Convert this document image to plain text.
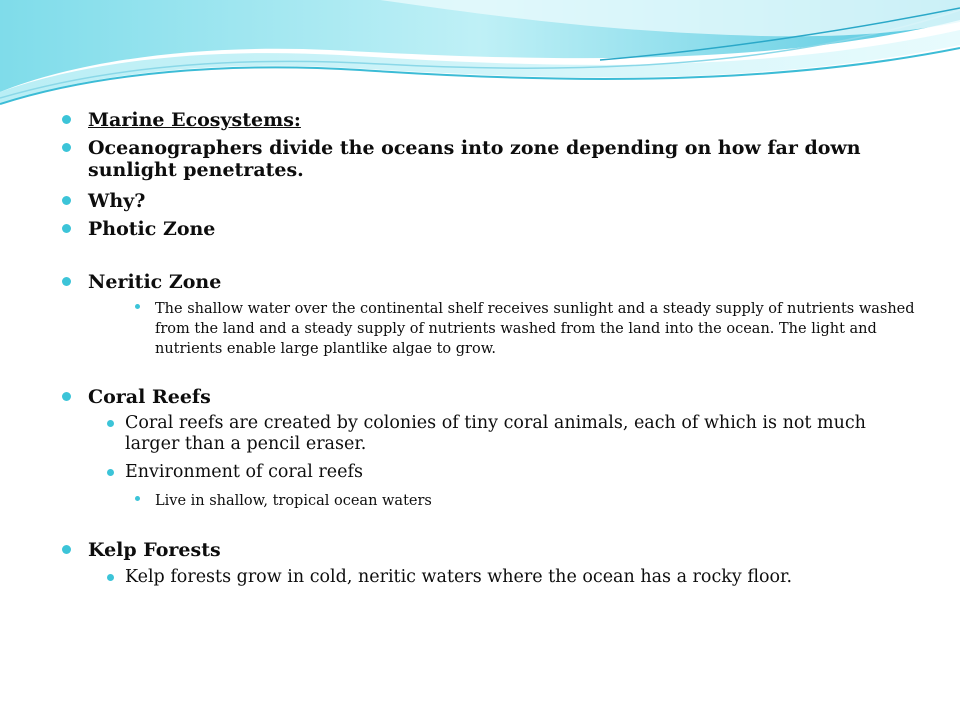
Marine Ecosystems:
Oceanographers divide the oceans into zone depending on how far down sunlight penetrates.
Why?
Photic Zone
Neritic Zone
The shallow water over the continental shelf receives sunlight and a steady supply of nutrients washed from the land and a steady supply of nutrients washed from the land into the ocean. The light and nutrients enable large plantlike algae to grow.
Coral Reefs
Coral reefs are created by colonies of tiny coral animals, each of which is not much larger than a pencil eraser.
Environment of coral reefs
Live in shallow, tropical ocean waters
Kelp Forests
Kelp forests grow in cold, neritic waters where the ocean has a rocky floor.
